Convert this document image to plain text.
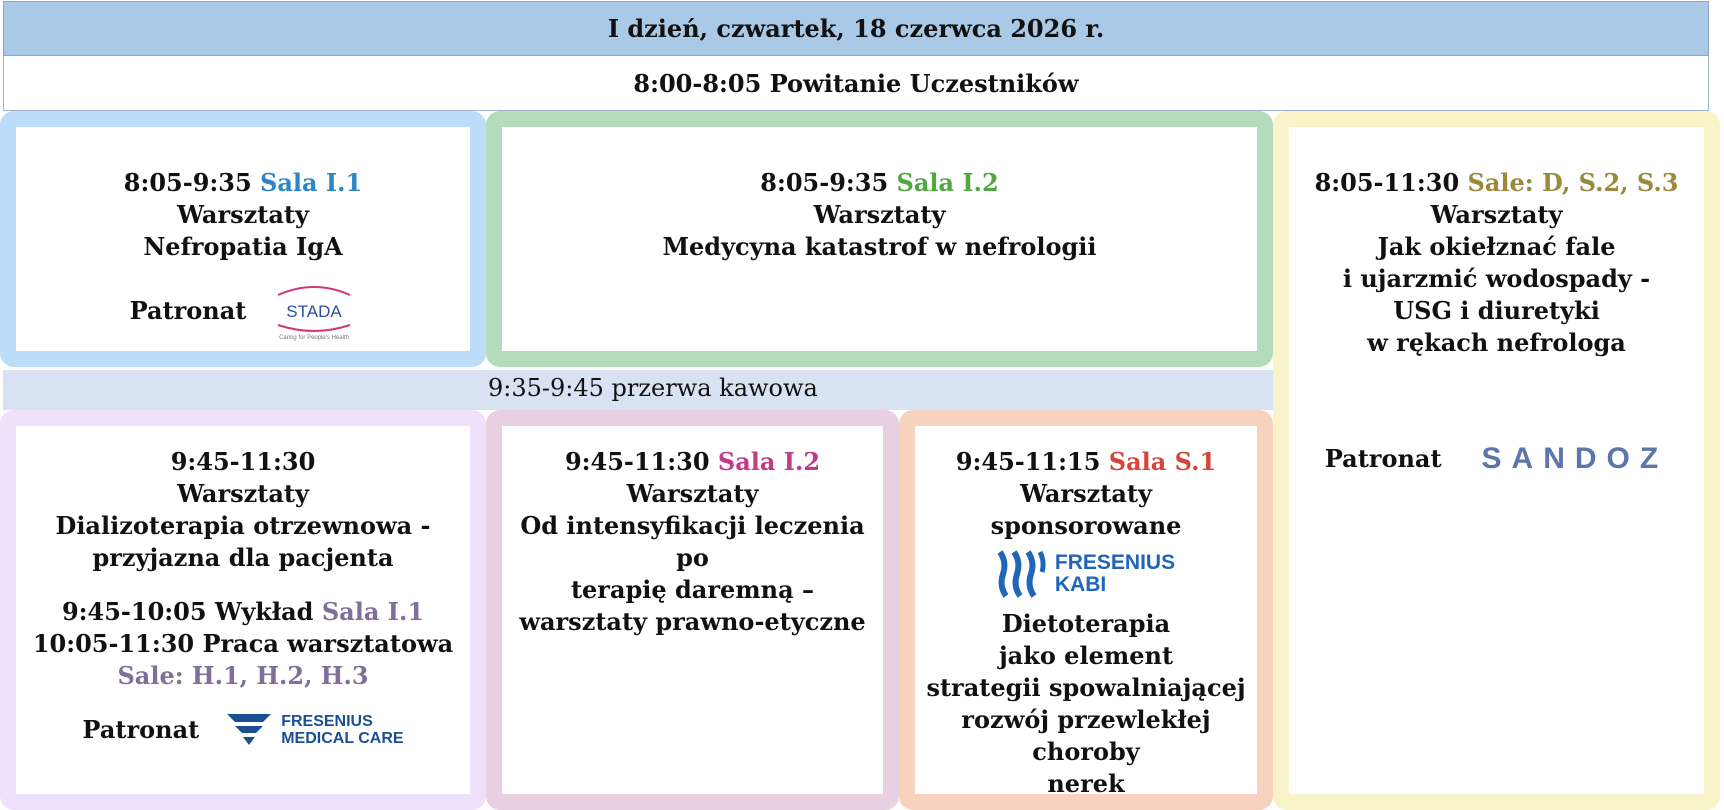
I dzień, czwartek, 18 czerwca 2026 r.
8:00-8:05 Powitanie Uczestników
9:35-9:45 przerwa kawowa
8:05-9:35 Sala I.1
Warsztaty
Nefropatia IgA
Patronat STADA
Caring for People's Health
8:05-9:35 Sala I.2
Warsztaty
Medycyna katastrof w nefrologii
8:05-11:30 Sale: D, S.2, S.3
Warsztaty
Jak okiełznać fale
i ujarzmić wodospady -
USG i diuretyki
w rękach nefrologa
Patronat SANDOZ
9:45-11:30
Warsztaty
Dializoterapia otrzewnowa -
przyjazna dla pacjenta
9:45-10:05 Wykład Sala I.1
10:05-11:30 Praca warsztatowa
Sale: H.1, H.2, H.3
Patronat	FRESENIUS
MEDICAL CARE
9:45-11:30 Sala I.2
Warsztaty
Od intensyfikacji leczenia po
terapię daremną –
warsztaty prawno-etyczne
9:45-11:15 Sala S.1
Warsztaty
sponsorowane
FRESENIUS
KABI
Dietoterapia
jako element
strategii spowalniającej
rozwój przewlekłej choroby
nerek
